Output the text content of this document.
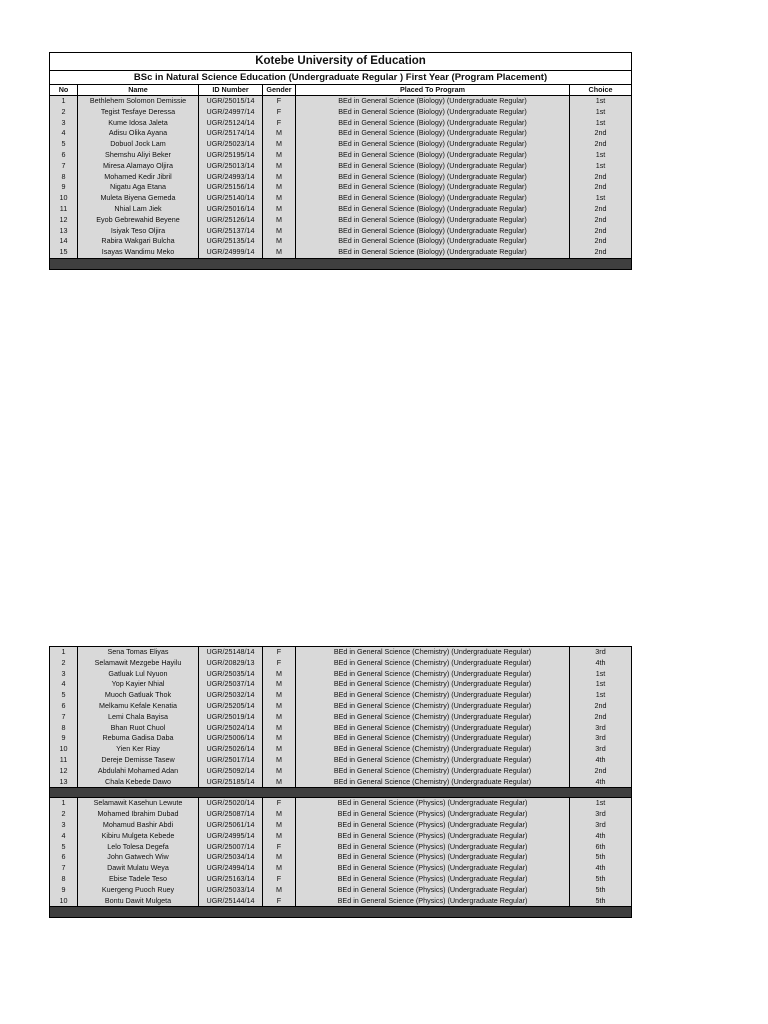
Kotebe University of Education					
BSc in Natural Science Education (Undergraduate Regular ) First Year (Program Placement)					
No	Name	ID Number	Gender	Placed To Program	Choice
1	Bethlehem Solomon Demissie	UGR/25015/14	F	BEd in General Science (Biology) (Undergraduate Regular)	1st
2	Tegist Tesfaye Deressa	UGR/24997/14	F	BEd in General Science (Biology) (Undergraduate Regular)	1st
3	Kume Idosa Jaleta	UGR/25124/14	F	BEd in General Science (Biology) (Undergraduate Regular)	1st
4	Adisu Olika Ayana	UGR/25174/14	M	BEd in General Science (Biology) (Undergraduate Regular)	2nd
5	Dobuol Jock Lam	UGR/25023/14	M	BEd in General Science (Biology) (Undergraduate Regular)	2nd
6	Shemshu Aliyi Beker	UGR/25195/14	M	BEd in General Science (Biology) (Undergraduate Regular)	1st
7	Miresa Alamayo Oljira	UGR/25013/14	M	BEd in General Science (Biology) (Undergraduate Regular)	1st
8	Mohamed Kedir Jibril	UGR/24993/14	M	BEd in General Science (Biology) (Undergraduate Regular)	2nd
9	Nigatu Aga Etana	UGR/25156/14	M	BEd in General Science (Biology) (Undergraduate Regular)	2nd
10	Muleta Biyena Gemeda	UGR/25140/14	M	BEd in General Science (Biology) (Undergraduate Regular)	1st
11	Nhial Lam Jiek	UGR/25016/14	M	BEd in General Science (Biology) (Undergraduate Regular)	2nd
12	Eyob Gebrewahid Beyene	UGR/25126/14	M	BEd in General Science (Biology) (Undergraduate Regular)	2nd
13	Isiyak Teso Oljira	UGR/25137/14	M	BEd in General Science (Biology) (Undergraduate Regular)	2nd
14	Rabira Wakgari Bulcha	UGR/25135/14	M	BEd in General Science (Biology) (Undergraduate Regular)	2nd
15	Isayas Wandimu Meko	UGR/24999/14	M	BEd in General Science (Biology) (Undergraduate Regular)	2nd

1	Sena Tomas Eliyas	UGR/25148/14	F	BEd in General Science (Chemistry) (Undergraduate Regular)	3rd
2	Selamawit Mezgebe Hayilu	UGR/20829/13	F	BEd in General Science (Chemistry) (Undergraduate Regular)	4th
3	Gatluak Lul Nyuon	UGR/25035/14	M	BEd in General Science (Chemistry) (Undergraduate Regular)	1st
4	Yop Kayier Nhial	UGR/25037/14	M	BEd in General Science (Chemistry) (Undergraduate Regular)	1st
5	Muoch Gatluak Thok	UGR/25032/14	M	BEd in General Science (Chemistry) (Undergraduate Regular)	1st
6	Melkamu Kefale Kenatia	UGR/25205/14	M	BEd in General Science (Chemistry) (Undergraduate Regular)	2nd
7	Lemi Chala Bayisa	UGR/25019/14	M	BEd in General Science (Chemistry) (Undergraduate Regular)	2nd
8	Bhan Ruot Chuol	UGR/25024/14	M	BEd in General Science (Chemistry) (Undergraduate Regular)	3rd
9	Rebuma Gadisa Daba	UGR/25006/14	M	BEd in General Science (Chemistry) (Undergraduate Regular)	3rd
10	Yien Ker Riay	UGR/25026/14	M	BEd in General Science (Chemistry) (Undergraduate Regular)	3rd
11	Dereje Demisse Tasew	UGR/25017/14	M	BEd in General Science (Chemistry) (Undergraduate Regular)	4th
12	Abdulahi Mohamed Adan	UGR/25092/14	M	BEd in General Science (Chemistry) (Undergraduate Regular)	2nd
13	Chala Kebede Dawo	UGR/25185/14	M	BEd in General Science (Chemistry) (Undergraduate Regular)	4th

1	Selamawit Kasehun Lewute	UGR/25020/14	F	BEd in General Science (Physics) (Undergraduate Regular)	1st
2	Mohamed Ibrahim Dubad	UGR/25087/14	M	BEd in General Science (Physics) (Undergraduate Regular)	3rd
3	Mohamud Bashir Abdi	UGR/25061/14	M	BEd in General Science (Physics) (Undergraduate Regular)	3rd
4	Kibiru Mulgeta Kebede	UGR/24995/14	M	BEd in General Science (Physics) (Undergraduate Regular)	4th
5	Lelo Tolesa Degefa	UGR/25007/14	F	BEd in General Science (Physics) (Undergraduate Regular)	6th
6	John Gatwech Wiw	UGR/25034/14	M	BEd in General Science (Physics) (Undergraduate Regular)	5th
7	Dawit Mulatu Weya	UGR/24994/14	M	BEd in General Science (Physics) (Undergraduate Regular)	4th
8	Ebise Tadele Teso	UGR/25163/14	F	BEd in General Science (Physics) (Undergraduate Regular)	5th
9	Kuergeng Puoch Ruey	UGR/25033/14	M	BEd in General Science (Physics) (Undergraduate Regular)	5th
10	Bontu Dawit Mulgeta	UGR/25144/14	F	BEd in General Science (Physics) (Undergraduate Regular)	5th
